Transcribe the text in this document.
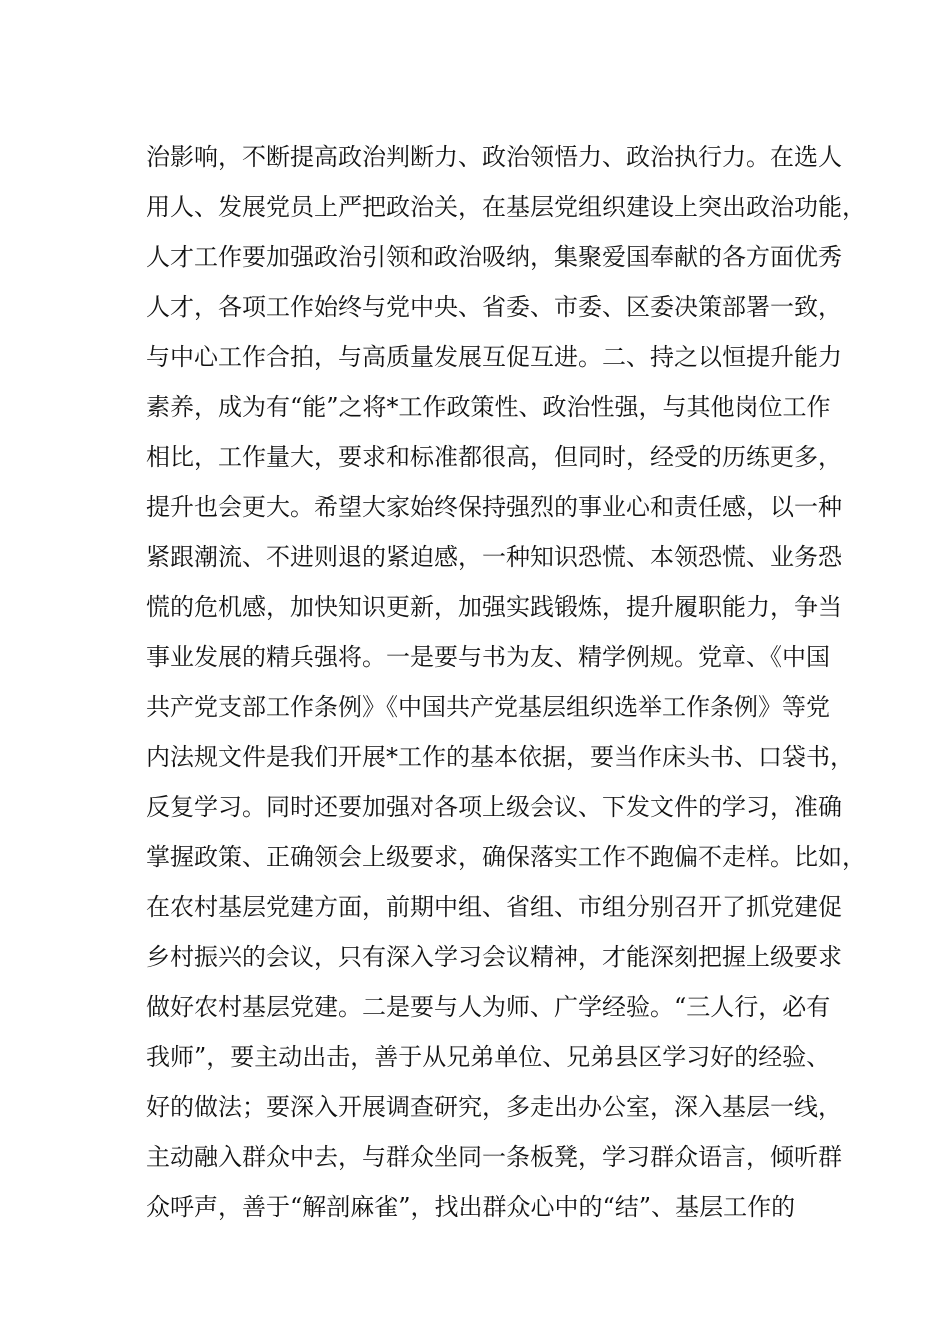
治影响，不断提高政治判断力、政治领悟力、政治执行力。在选人
用人、发展党员上严把政治关，在基层党组织建设上突出政治功能，
人才工作要加强政治引领和政治吸纳，集聚爱国奉献的各方面优秀
人才，各项工作始终与党中央、省委、市委、区委决策部署一致，
与中心工作合拍，与高质量发展互促互进。二、持之以恒提升能力
素养，成为有“能”之将*工作政策性、政治性强，与其他岗位工作
相比，工作量大，要求和标准都很高，但同时，经受的历练更多，
提升也会更大。希望大家始终保持强烈的事业心和责任感，以一种
紧跟潮流、不进则退的紧迫感，一种知识恐慌、本领恐慌、业务恐
慌的危机感，加快知识更新，加强实践锻炼，提升履职能力，争当
事业发展的精兵强将。一是要与书为友、精学例规。党章、《中国
共产党支部工作条例》《中国共产党基层组织选举工作条例》等党
内法规文件是我们开展*工作的基本依据，要当作床头书、口袋书，
反复学习。同时还要加强对各项上级会议、下发文件的学习，准确
掌握政策、正确领会上级要求，确保落实工作不跑偏不走样。比如，
在农村基层党建方面，前期中组、省组、市组分别召开了抓党建促
乡村振兴的会议，只有深入学习会议精神，才能深刻把握上级要求
做好农村基层党建。二是要与人为师、广学经验。“三人行，必有
我师”，要主动出击，善于从兄弟单位、兄弟县区学习好的经验、
好的做法；要深入开展调查研究，多走出办公室，深入基层一线，
主动融入群众中去，与群众坐同一条板凳，学习群众语言，倾听群
众呼声，善于“解剖麻雀”，找出群众心中的“结”、基层工作的
